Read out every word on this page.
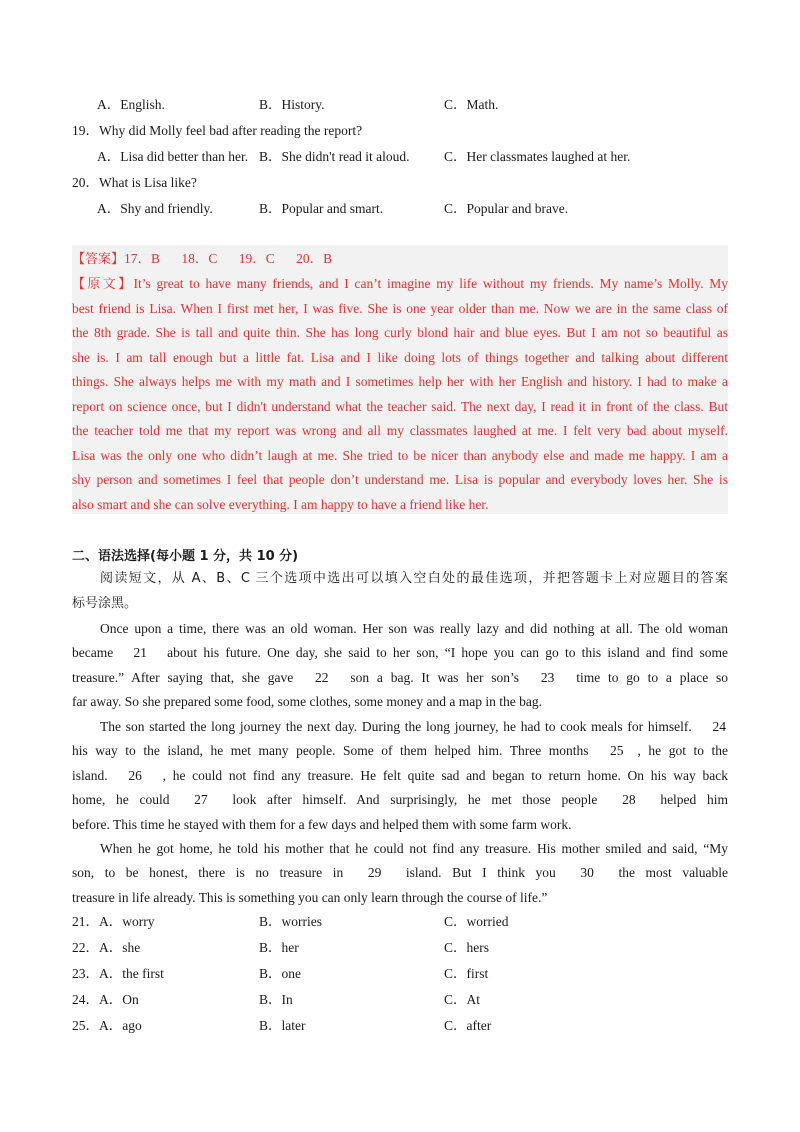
A．English.	B．History.	C．Math.
19．Why did Molly feel bad after reading the report?
A．Lisa did better than her. B．She didn't read it aloud.	C．Her classmates laughed at her.
20．What is Lisa like?
A．Shy and friendly.	B．Popular and smart.	C．Popular and brave.
【答案】17．B 18．C 19．C 20．B
【原文】It’s great to have many friends, and I can’t imagine my life without my friends. My name’s Molly. My
best friend is Lisa. When I first met her, I was five. She is one year older than me. Now we are in the same class of
the 8th grade. She is tall and quite thin. She has long curly blond hair and blue eyes. But I am not so beautiful as
she is. I am tall enough but a little fat. Lisa and I like doing lots of things together and talking about different
things. She always helps me with my math and I sometimes help her with her English and history. I had to make a
report on science once, but I didn't understand what the teacher said. The next day, I read it in front of the class. But
the teacher told me that my report was wrong and all my classmates laughed at me. I felt very bad about myself.
Lisa was the only one who didn’t laugh at me. She tried to be nicer than anybody else and made me happy. I am a
shy person and sometimes I feel that people don’t understand me. Lisa is popular and everybody loves her. She is
also smart and she can solve everything. I am happy to have a friend like her.
二、语法选择(每小题 1 分，共 10 分)
阅读短文，从 A、B、C 三个选项中选出可以填入空白处的最佳选项，并把答题卡上对应题目的答案
标号涂黑。
Once upon a time, there was an old woman. Her son was really lazy and did nothing at all. The old woman
became 21 about his future. One day, she said to her son, “I hope you can go to this island and find some
treasure.” After saying that, she gave 22 son a bag. It was her son’s 23 time to go to a place so
far away. So she prepared some food, some clothes, some money and a map in the bag.
The son started the long journey the next day. During the long journey, he had to cook meals for himself. 24
his way to the island, he met many people. Some of them helped him. Three months 25 , he got to the
island. 26 , he could not find any treasure. He felt quite sad and began to return home. On his way back
home, he could 27 look after himself. And surprisingly, he met those people 28 helped him
before. This time he stayed with them for a few days and helped them with some farm work.
When he got home, he told his mother that he could not find any treasure. His mother smiled and said, “My
son, to be honest, there is no treasure in 29 island. But I think you 30 the most valuable
treasure in life already. This is something you can only learn through the course of life.”
21．A．worry	B．worries	C．worried
22．A．she	B．her	C．hers
23．A．the first	B．one	C．first
24．A．On	B．In	C．At
25．A．ago	B．later	C．after
